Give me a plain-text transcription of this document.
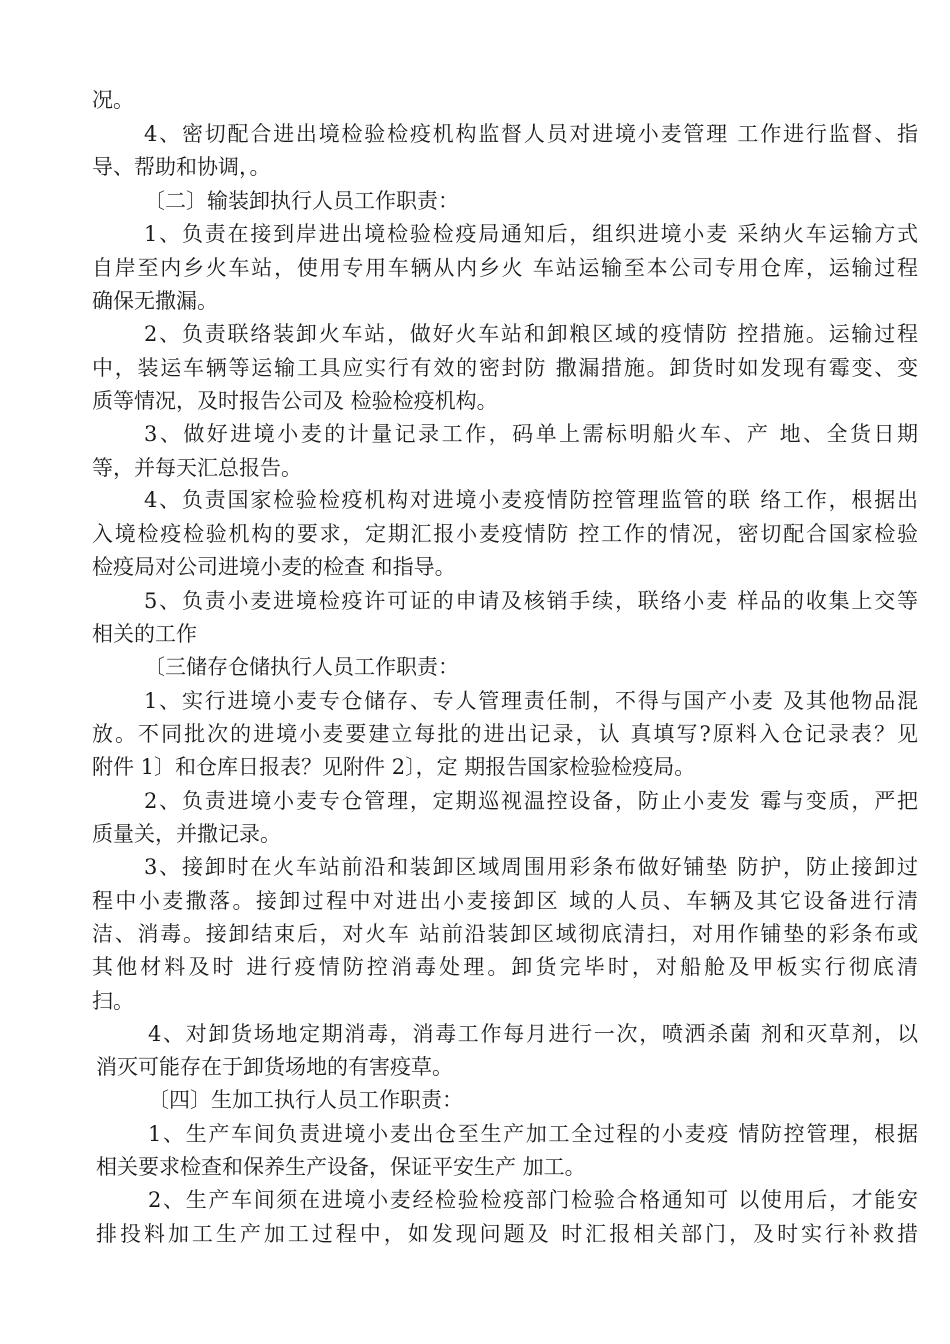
况。
4、密切配合进出境检验检疫机构监督人员对进境小麦管理 工作进行监督、指
导、帮助和协调，。
〔二〕输装卸执行人员工作职责：
1、负责在接到岸进出境检验检疫局通知后，组织进境小麦 采纳火车运输方式
自岸至内乡火车站，使用专用车辆从内乡火 车站运输至本公司专用仓库，运输过程
确保无撒漏。
2、负责联络装卸火车站，做好火车站和卸粮区域的疫情防 控措施。运输过程
中，装运车辆等运输工具应实行有效的密封防 撒漏措施。卸货时如发现有霉变、变
质等情况，及时报告公司及 检验检疫机构。
3、做好进境小麦的计量记录工作，码单上需标明船火车、产 地、全货日期
等，并每天汇总报告。
4、负责国家检验检疫机构对进境小麦疫情防控管理监管的联 络工作，根据出
入境检疫检验机构的要求，定期汇报小麦疫情防 控工作的情况，密切配合国家检验
检疫局对公司进境小麦的检查 和指导。
5、负责小麦进境检疫许可证的申请及核销手续，联络小麦 样品的收集上交等
相关的工作
〔三储存仓储执行人员工作职责：
1、实行进境小麦专仓储存、专人管理责任制，不得与国产小麦 及其他物品混
放。不同批次的进境小麦要建立每批的进出记录，认 真填写?原料入仓记录表？见
附件 1〕和仓库日报表？见附件 2〕，定 期报告国家检验检疫局。
2、负责进境小麦专仓管理，定期巡视温控设备，防止小麦发 霉与变质，严把
质量关，并撒记录。
3、接卸时在火车站前沿和装卸区域周围用彩条布做好铺垫 防护，防止接卸过
程中小麦撒落。接卸过程中对进出小麦接卸区 域的人员、车辆及其它设备进行清
洁、消毒。接卸结束后，对火车 站前沿装卸区域彻底清扫，对用作铺垫的彩条布或
其他材料及时 进行疫情防控消毒处理。卸货完毕时，对船舱及甲板实行彻底清
扫。
4、对卸货场地定期消毒，消毒工作每月进行一次，喷洒杀菌 剂和灭草剂，以
消灭可能存在于卸货场地的有害疫草。
〔四〕生加工执行人员工作职责：
1、生产车间负责进境小麦出仓至生产加工全过程的小麦疫 情防控管理，根据
相关要求检查和保养生产设备，保证平安生产 加工。
2、生产车间须在进境小麦经检验检疫部门检验合格通知可 以使用后，才能安
排投料加工生产加工过程中，如发现问题及 时汇报相关部门，及时实行补救措
